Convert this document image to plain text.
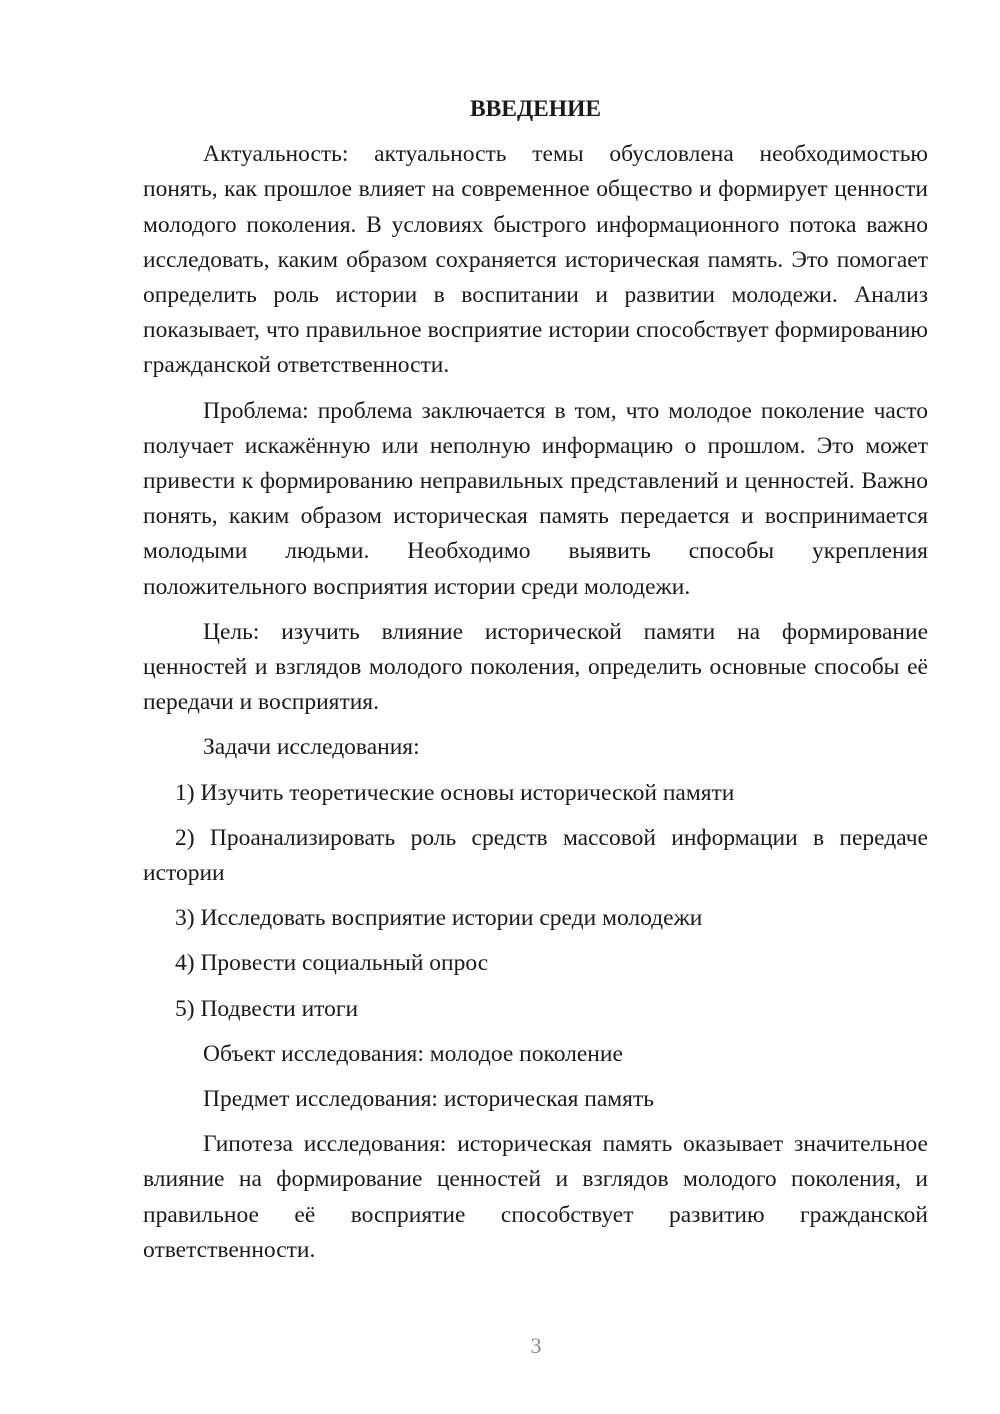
ВВЕДЕНИЕ

Актуальность: актуальность темы обусловлена необходимостью понять, как прошлое влияет на современное общество и формирует ценности молодого поколения. В условиях быстрого информационного потока важно исследовать, каким образом сохраняется историческая память. Это помогает определить роль истории в воспитании и развитии молодежи. Анализ показывает, что правильное восприятие истории способствует формированию гражданской ответственности.

Проблема: проблема заключается в том, что молодое поколение часто получает искажённую или неполную информацию о прошлом. Это может привести к формированию неправильных представлений и ценностей. Важно понять, каким образом историческая память передается и воспринимается молодыми людьми. Необходимо выявить способы укрепления положительного восприятия истории среди молодежи.

Цель: изучить влияние исторической памяти на формирование ценностей и взглядов молодого поколения, определить основные способы её передачи и восприятия.

Задачи исследования:

1) Изучить теоретические основы исторической памяти

2) Проанализировать роль средств массовой информации в передаче истории

3) Исследовать восприятие истории среди молодежи

4) Провести социальный опрос

5) Подвести итоги

Объект исследования: молодое поколение

Предмет исследования: историческая память

Гипотеза исследования: историческая память оказывает значительное влияние на формирование ценностей и взглядов молодого поколения, и правильное её восприятие способствует развитию гражданской ответственности.

3
